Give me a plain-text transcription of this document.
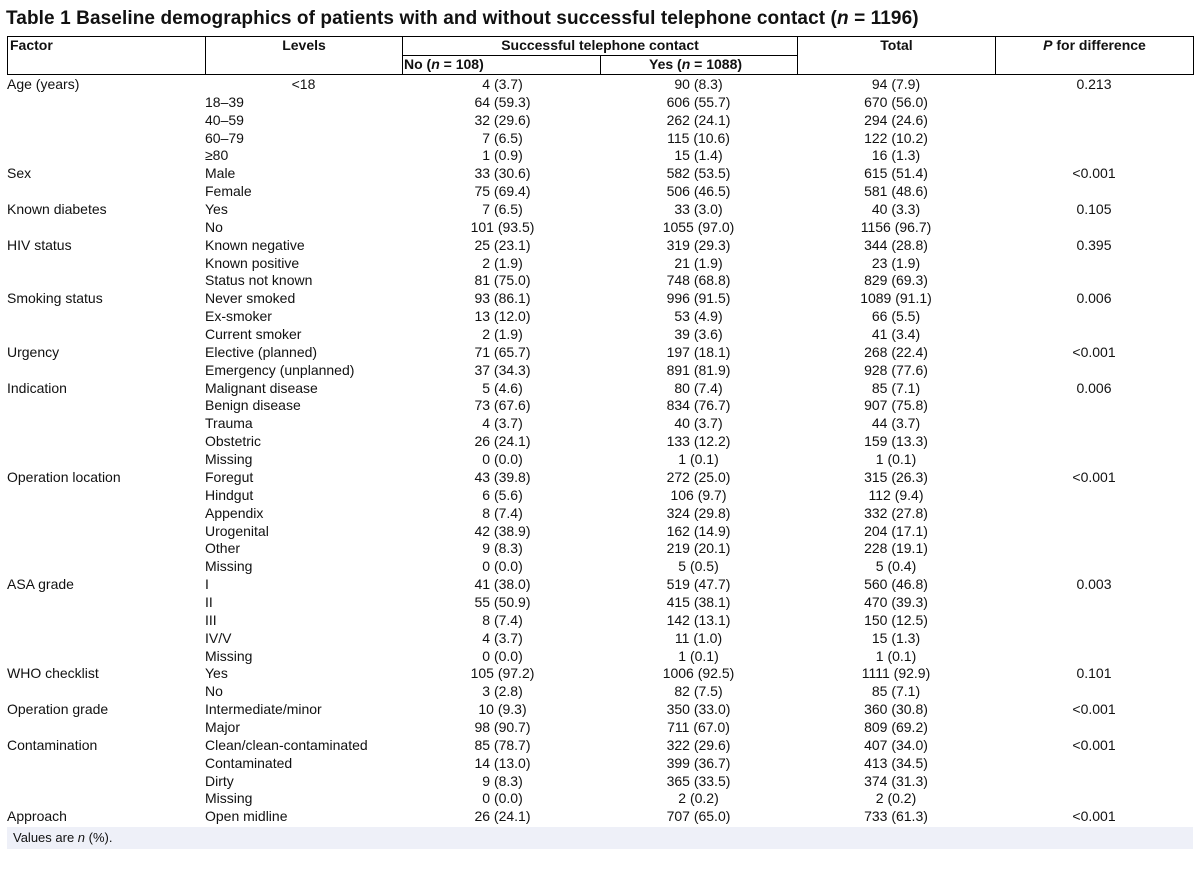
Table 1 Baseline demographics of patients with and without successful telephone contact (n = 1196)
Factor	Levels	Successful telephone contact
No (n = 108)	Yes (n = 1088)
Total	P for difference
Age (years)	<18	4 (3.7)	90 (8.3)	94 (7.9)	0.213
18–39	64 (59.3)	606 (55.7)	670 (56.0)
40–59	32 (29.6)	262 (24.1)	294 (24.6)
60–79	7 (6.5)	115 (10.6)	122 (10.2)
≥80	1 (0.9)	15 (1.4)	16 (1.3)
Sex	Male	33 (30.6)	582 (53.5)	615 (51.4)	<0.001
Female	75 (69.4)	506 (46.5)	581 (48.6)
Known diabetes	Yes	7 (6.5)	33 (3.0)	40 (3.3)	0.105
No	101 (93.5)	1055 (97.0)	1156 (96.7)
HIV status	Known negative	25 (23.1)	319 (29.3)	344 (28.8)	0.395
Known positive	2 (1.9)	21 (1.9)	23 (1.9)
Status not known	81 (75.0)	748 (68.8)	829 (69.3)
Smoking status	Never smoked	93 (86.1)	996 (91.5)	1089 (91.1)	0.006
Ex-smoker	13 (12.0)	53 (4.9)	66 (5.5)
Current smoker	2 (1.9)	39 (3.6)	41 (3.4)
Urgency	Elective (planned)	71 (65.7)	197 (18.1)	268 (22.4)	<0.001
Emergency (unplanned)	37 (34.3)	891 (81.9)	928 (77.6)
Indication	Malignant disease	5 (4.6)	80 (7.4)	85 (7.1)	0.006
Benign disease	73 (67.6)	834 (76.7)	907 (75.8)
Trauma	4 (3.7)	40 (3.7)	44 (3.7)
Obstetric	26 (24.1)	133 (12.2)	159 (13.3)
Missing	0 (0.0)	1 (0.1)	1 (0.1)
Operation location	Foregut	43 (39.8)	272 (25.0)	315 (26.3)	<0.001
Hindgut	6 (5.6)	106 (9.7)	112 (9.4)
Appendix	8 (7.4)	324 (29.8)	332 (27.8)
Urogenital	42 (38.9)	162 (14.9)	204 (17.1)
Other	9 (8.3)	219 (20.1)	228 (19.1)
Missing	0 (0.0)	5 (0.5)	5 (0.4)
ASA grade	I	41 (38.0)	519 (47.7)	560 (46.8)	0.003
II	55 (50.9)	415 (38.1)	470 (39.3)
III	8 (7.4)	142 (13.1)	150 (12.5)
IV/V	4 (3.7)	11 (1.0)	15 (1.3)
Missing	0 (0.0)	1 (0.1)	1 (0.1)
WHO checklist	Yes	105 (97.2)	1006 (92.5)	1111 (92.9)	0.101
No	3 (2.8)	82 (7.5)	85 (7.1)
Operation grade	Intermediate/minor	10 (9.3)	350 (33.0)	360 (30.8)	<0.001
Major	98 (90.7)	711 (67.0)	809 (69.2)
Contamination	Clean/clean-contaminated	85 (78.7)	322 (29.6)	407 (34.0)	<0.001
Contaminated	14 (13.0)	399 (36.7)	413 (34.5)
Dirty	9 (8.3)	365 (33.5)	374 (31.3)
Missing	0 (0.0)	2 (0.2)	2 (0.2)
Approach	Open midline	26 (24.1)	707 (65.0)	733 (61.3)	<0.001
Values are n (%).
